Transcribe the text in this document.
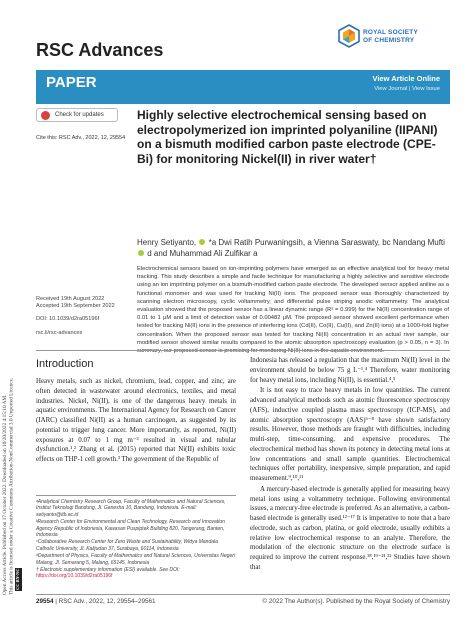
Open Access Article. Published on 17 October 2022. Downloaded on 10/20/2022 4:15:10 AM. This article is licensed under a Creative Commons Attribution-NonCommercial 3.0 Unported Licence. CC BY-NC
RSC Advances
ROYAL SOCIETY
OF CHEMISTRY
PAPER	View Article Online
View Journal | View Issue
Check for updates
Cite this: RSC Adv., 2022, 12, 29554
Highly selective electrochemical sensing based on electropolymerized ion imprinted polyaniline (IIPANI) on a bismuth modified carbon paste electrode (CPE-Bi) for monitoring Nickel(II) in river water†
Henry Setiyanto, *a Dwi Ratih Purwaningsih, a Vienna Saraswaty, bc Nandang Mufti  d and Muhammad Ali Zulfikar a
Electrochemical sensors based on ion-imprinting polymers have emerged as an effective analytical tool for heavy metal tracking. This study describes a simple and facile technique for manufacturing a highly selective and sensitive electrode using an ion imprinting polymer on a bismuth-modified carbon paste electrode. The developed sensor applied aniline as a functional monomer and was used for tracking Ni(II) ions. The proposed sensor was thoroughly characterized by scanning electron microscopy, cyclic voltammetry, and differential pulse striping anodic voltammetry. The analytical evaluation showed that the proposed sensor has a linear dynamic range (R² = 0.999) for the Ni(II) concentration range of 0.01 to 1 μM and a limit of detection value of 0.00482 μM. The proposed sensor showed excellent performance when tested for tracking Ni(II) ions in the presence of interfering ions (Cd(II), Co(II), Cu(II), and Zn(II) ions) at a 1000-fold higher concentration. When the proposed sensor was tested for tracking Ni(II) concentration in an actual river sample, our modified sensor showed similar results compared to the atomic absorption spectroscopy evaluation (p > 0.05, n = 3). In summary, our proposed sensor is promising for monitoring Ni(II) ions in the aquatic environment.
Received 19th August 2022
Accepted 19th September 2022
DOI: 10.1039/d2ra05196f
rsc.li/rsc-advances
Introduction

Heavy metals, such as nickel, chromium, lead, copper, and zinc, are often detected in wastewater around electronics, textiles, and metal industries. Nickel, Ni(II), is one of the dangerous heavy metals in aquatic environments. The International Agency for Research on Cancer (IARC) classified Ni(II) as a human carcinogen, as suggested by its potential to trigger lung cancer. More importantly, as reported, Ni(II) exposures at 0.07 to 1 mg m⁻³ resulted in visual and tubular dysfunction.¹,² Zhang et al. (2015) reported that Ni(II) exhibits toxic effects on THP-1 cell growth.³ The government of the Republic of

Indonesia has released a regulation that the maximum Ni(II) level in the environment should be below 75 g L⁻¹.⁴ Therefore, water monitoring for heavy metal ions, including Ni(II), is essential.⁴,⁵

It is not easy to trace heavy metals in low quantities. The current advanced analytical methods such as atomic fluorescence spectroscopy (AFS), inductive coupled plasma mass spectroscopy (ICP-MS), and atomic absorption spectroscopy (AAS)⁶⁻⁸ have shown satisfactory results. However, those methods are fraught with difficulties, including multi-step, time-consuming, and expensive procedures. The electrochemical method has shown its potency in detecting metal ions at low concentrations and small sample quantities. Electrochemical techniques offer portability, inexpensive, simple preparation, and rapid measurement.⁹,¹⁰,¹¹

A mercury-based electrode is generally applied for measuring heavy metal ions using a voltammetry technique. Following environmental issues, a mercury-free electrode is preferred. As an alternative, a carbon-based electrode is generally used.¹²⁻¹⁷ It is imperative to note that a bare electrode, such as carbon, platina, or gold electrode, usually exhibits a relative low electrochemical response to an analyte. Therefore, the modulation of the electronic structure on the electrode surface is required to improve the current response.¹⁸,¹⁹⁻²¹,²² Studies have shown that

ᵃAnalytical Chemistry Research Group, Faculty of Mathematics and Natural Sciences, Institut Teknologi Bandung, Jl. Ganesha 10, Bandung, Indonesia. E-mail: setiyanto@itb.ac.id
ᵇResearch Center for Environmental and Clean Technology, Research and Innovation Agency Republic of Indonesia, Kawasan Puspiptek Building 820, Tangerang, Banten, Indonesia
ᶜCollaborative Research Center for Zero Waste and Sustainability, Widya Mandala Catholic University, Jl. Kalijudan 37, Surabaya, 60114, Indonesia
ᵈDepartment of Physics, Faculty of Mathematics and Natural Sciences, Universitas Negeri Malang, Jl. Semarang 5, Malang, 65145, Indonesia
† Electronic supplementary information (ESI) available. See DOI: https://doi.org/10.1039/d2ra05196f
29554 | RSC Adv., 2022, 12, 29554–29561	© 2022 The Author(s). Published by the Royal Society of Chemistry
